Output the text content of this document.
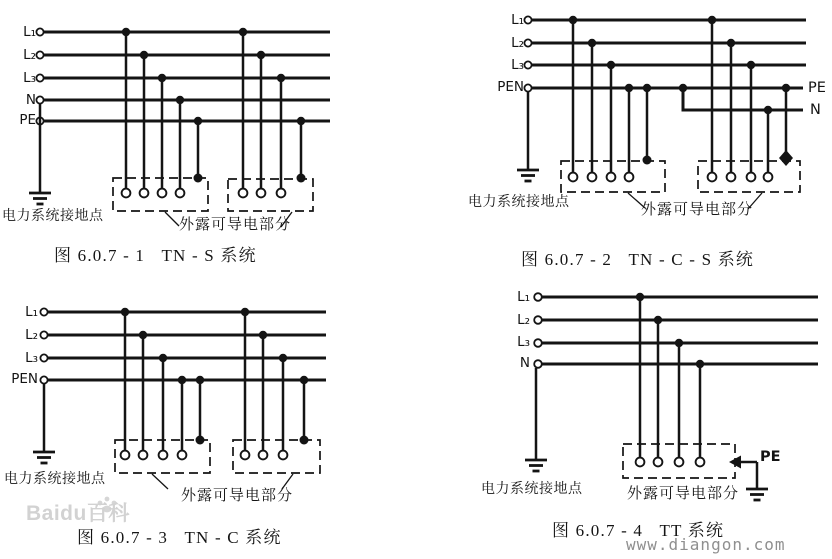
L₁
L₂
L₃
N
PE
电力系统接地点
外露可导电部分
图 6.0.7 - 1   TN - S 系统
L₁
L₂
L₃
PEN	PE
N
电力系统接地点	外露可导电部分
图 6.0.7 - 2   TN - C - S 系统
L₁
L₂
L₃
PEN
电力系统接地点
外露可导电部分
图 6.0.7 - 3   TN - C 系统
Baidu百科
L₁
L₂
L₃
N
PE
电力系统接地点	外露可导电部分
图 6.0.7 - 4   TT 系统
www.diangon.com
